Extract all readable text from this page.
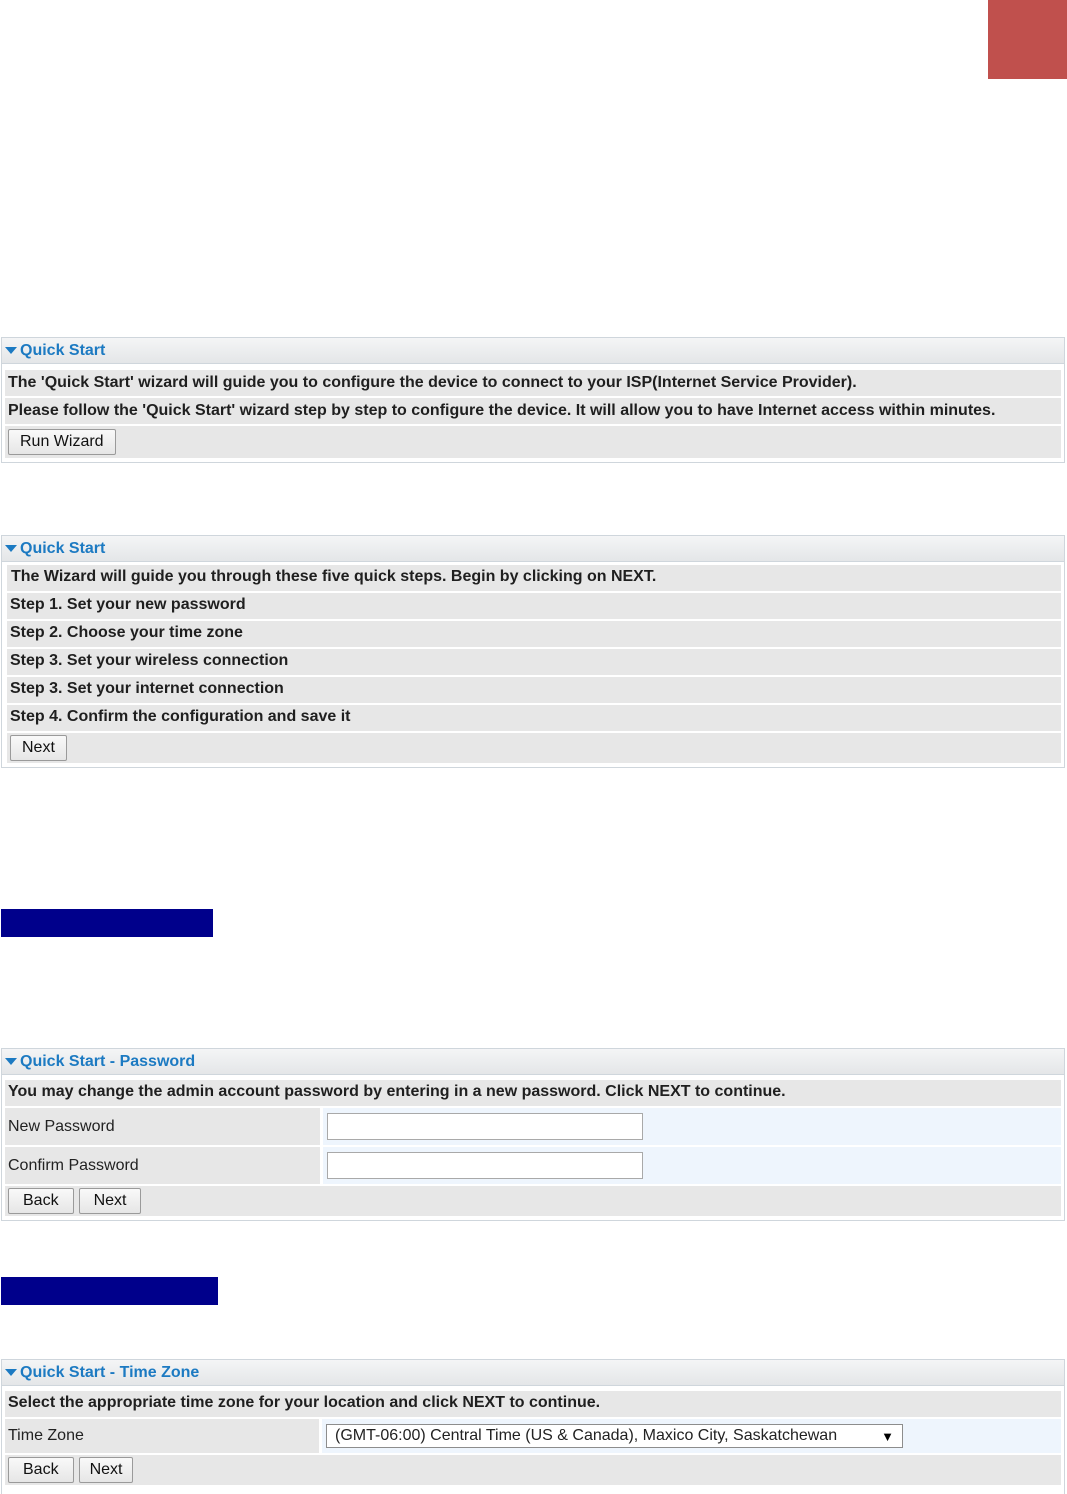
Quick Start
The 'Quick Start' wizard will guide you to configure the device to connect to your ISP(Internet Service Provider).
Please follow the 'Quick Start' wizard step by step to configure the device. It will allow you to have Internet access within minutes.
Run Wizard
Quick Start
The Wizard will guide you through these five quick steps. Begin by clicking on NEXT.
Step 1. Set your new password
Step 2. Choose your time zone
Step 3. Set your wireless connection
Step 3. Set your internet connection
Step 4. Confirm the configuration and save it
Next
Quick Start - Password
You may change the admin account password by entering in a new password. Click NEXT to continue.
New Password
Confirm Password
Back	Next
Quick Start - Time Zone
Select the appropriate time zone for your location and click NEXT to continue.
Time Zone	(GMT-06:00) Central Time (US & Canada), Maxico City, Saskatchewan	▼
Back	Next
